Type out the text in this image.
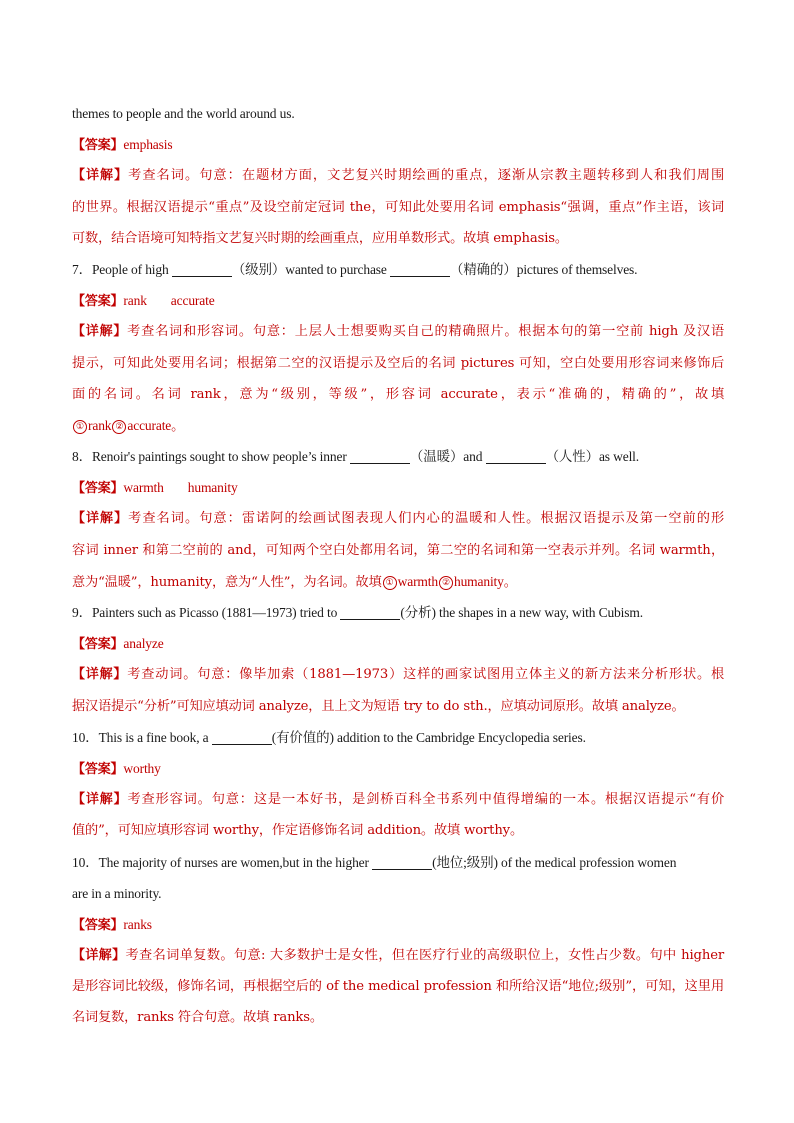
themes to people and the world around us.
【答案】emphasis
【详解】考查名词。句意：在题材方面，文艺复兴时期绘画的重点，逐渐从宗教主题转移到人和我们周围
的世界。根据汉语提示“重点”及设空前定冠词 the，可知此处要用名词 emphasis“强调，重点”作主语，该词
可数，结合语境可知特指文艺复兴时期的绘画重点，应用单数形式。故填 emphasis。
7．People of high	（级别）wanted to purchase	（精确的）pictures of themselves.
【答案】rank accurate
【详解】考查名词和形容词。句意：上层人士想要购买自己的精确照片。根据本句的第一空前 high 及汉语
提示，可知此处要用名词；根据第二空的汉语提示及空后的名词 pictures 可知，空白处要用形容词来修饰后
面的名词。名词 rank，意为“级别，等级”，形容词 accurate，表示“准确的，精确的”，故填
① rank ② accurate。
8．Renoir's paintings sought to show people’s inner	（温暖）and	（人性）as well.
【答案】warmth humanity
【详解】考查名词。句意：雷诺阿的绘画试图表现人们内心的温暖和人性。根据汉语提示及第一空前的形
容词 inner 和第二空前的 and，可知两个空白处都用名词，第二空的名词和第一空表示并列。名词 warmth，
意为“温暖”，humanity，意为“人性”，为名词。故填 ① warmth ② humanity。
9．Painters such as Picasso (1881—1973) tried to	(分析) the shapes in a new way, with Cubism.
【答案】analyze
【详解】考查动词。句意：像毕加索（1881—1973）这样的画家试图用立体主义的新方法来分析形状。根
据汉语提示“分析”可知应填动词 analyze，且上文为短语 try to do sth.，应填动词原形。故填 analyze。
10．This is a fine book, a	(有价值的) addition to the Cambridge Encyclopedia series.
【答案】worthy
【详解】考查形容词。句意：这是一本好书，是剑桥百科全书系列中值得增编的一本。根据汉语提示“有价
值的”，可知应填形容词 worthy，作定语修饰名词 addition。故填 worthy。
10．The majority of nurses are women,but in the higher	(地位;级别) of the medical profession women
are in a minority.
【答案】ranks
【详解】考查名词单复数。句意: 大多数护士是女性，但在医疗行业的高级职位上，女性占少数。句中 higher
是形容词比较级，修饰名词，再根据空后的 of the medical profession 和所给汉语“地位;级别”，可知，这里用
名词复数，ranks 符合句意。故填 ranks。
